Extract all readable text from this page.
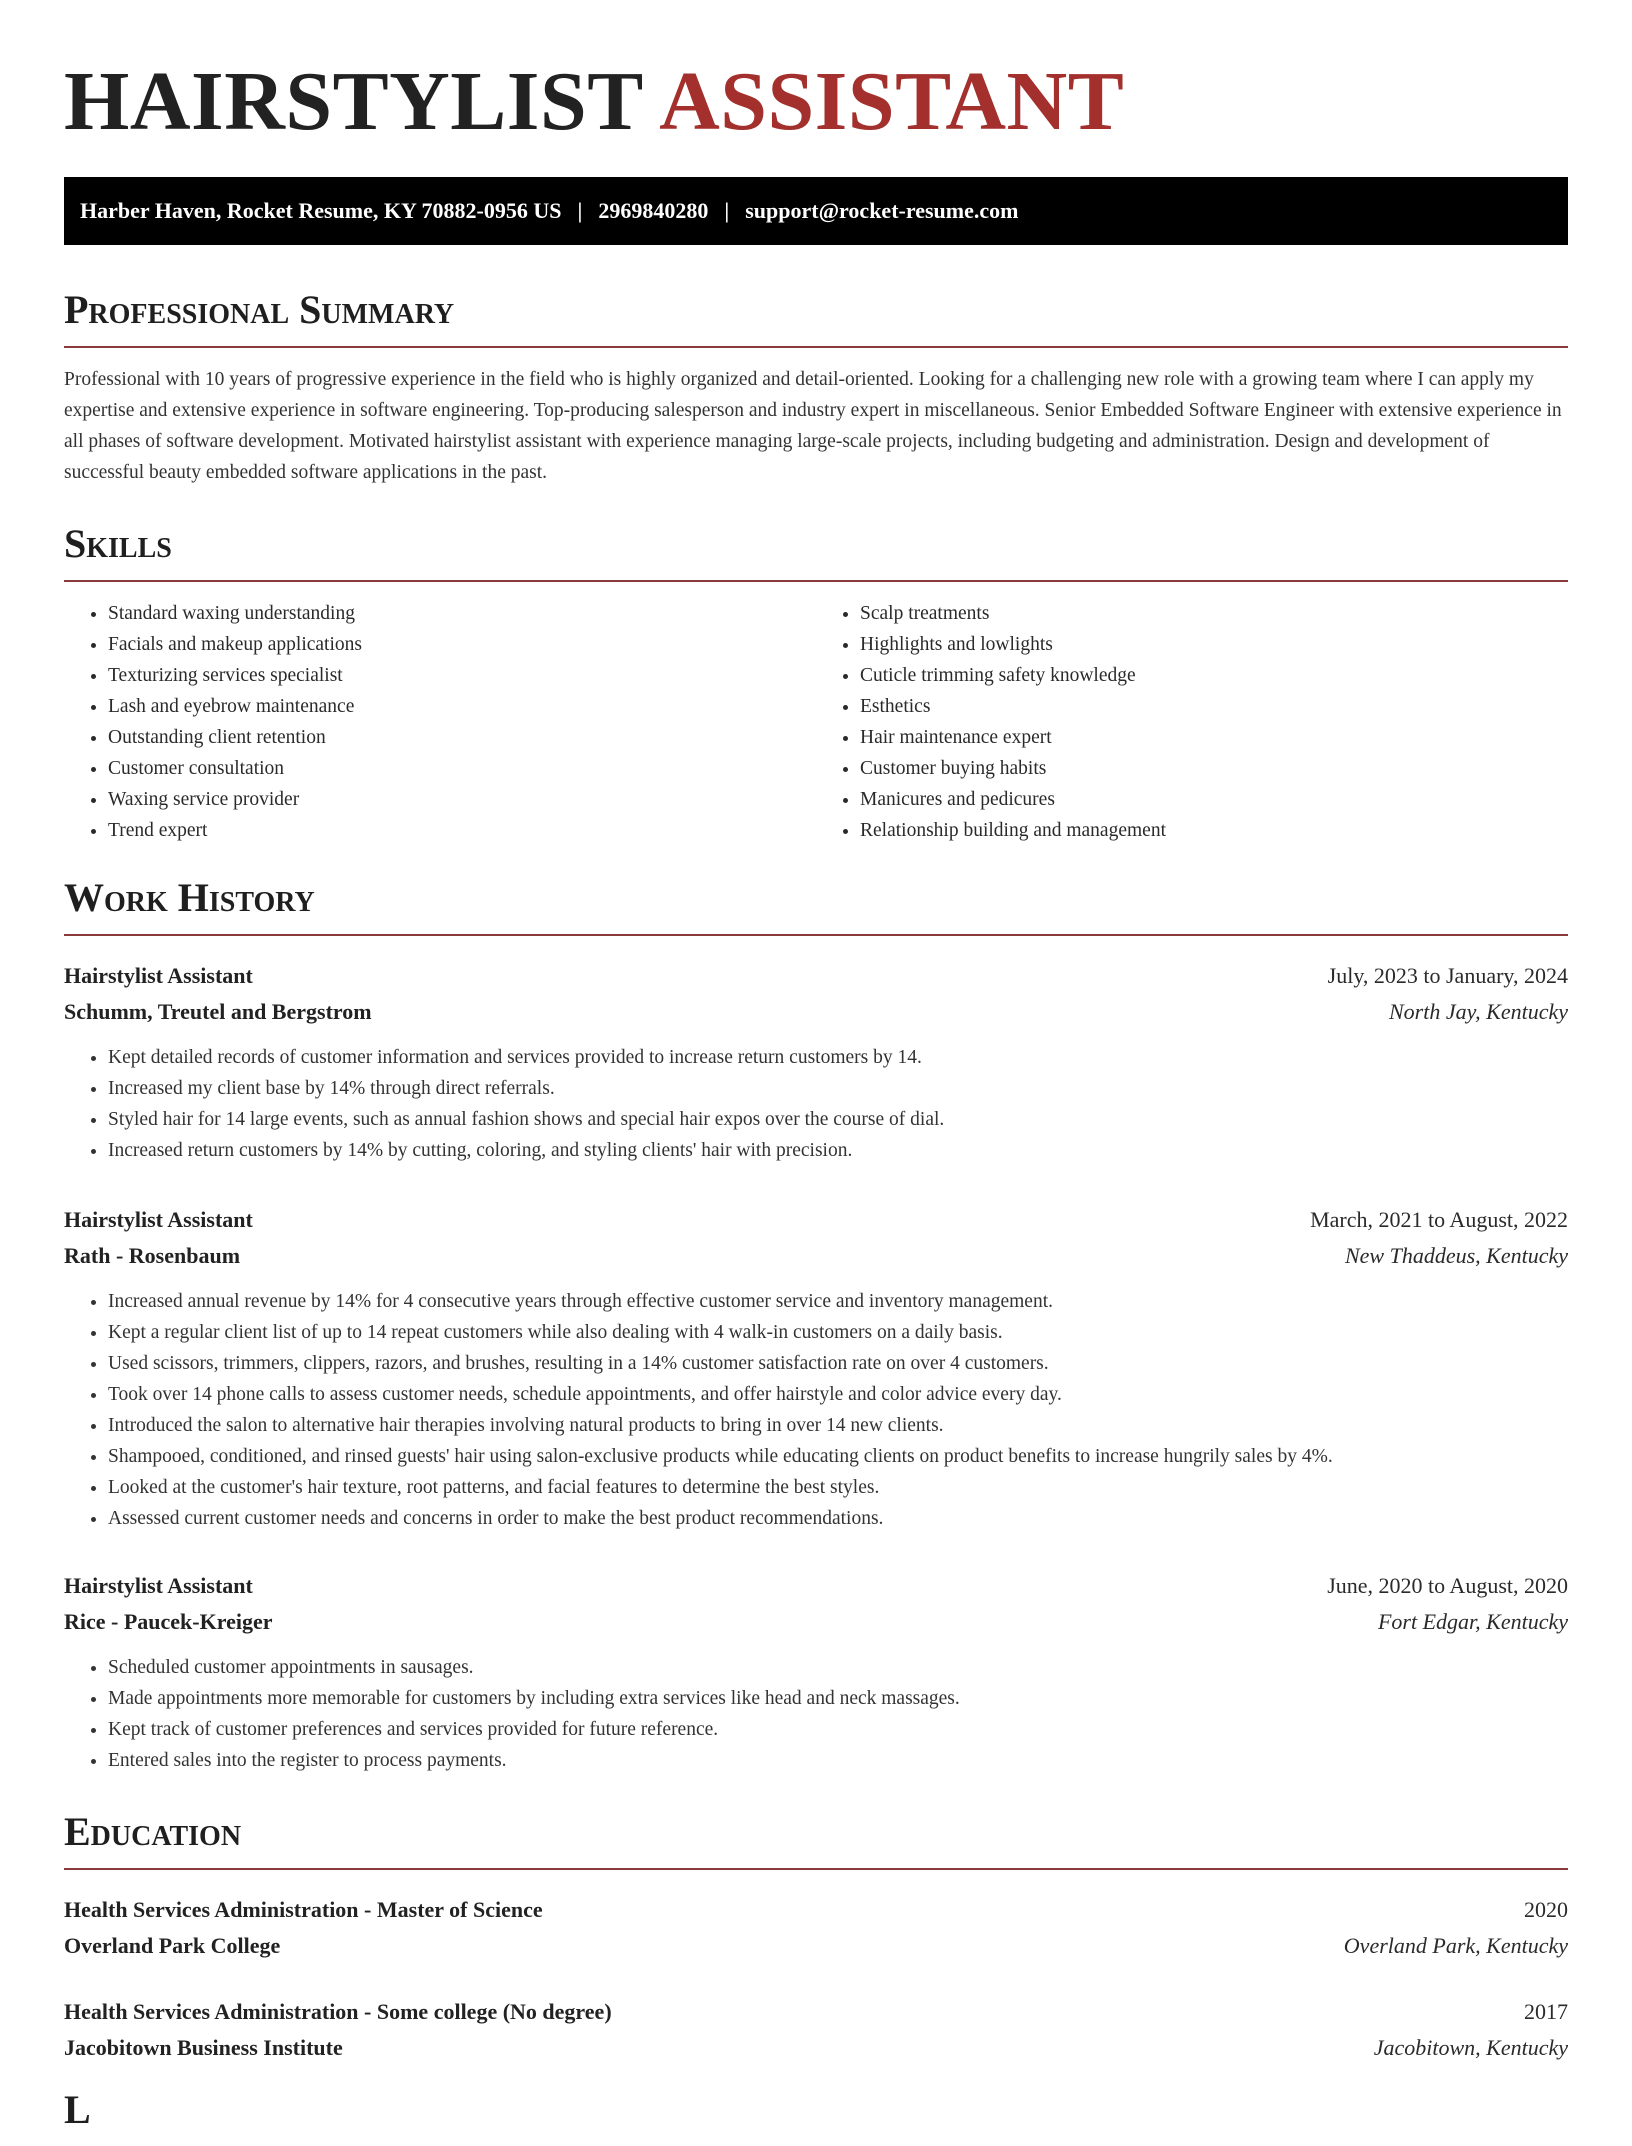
HAIRSTYLIST ASSISTANT
Harber Haven, Rocket Resume, KY 70882-0956 US | 2969840280 | support@rocket-resume.com
Professional Summary

Professional with 10 years of progressive experience in the field who is highly organized and detail-oriented. Looking for a challenging new role with a growing team where I can apply my expertise and extensive experience in software engineering. Top-producing salesperson and industry expert in miscellaneous. Senior Embedded Software Engineer with extensive experience in all phases of software development. Motivated hairstylist assistant with experience managing large-scale projects, including budgeting and administration. Design and development of successful beauty embedded software applications in the past.

Skills
• Standard waxing understanding
• Facials and makeup applications
• Texturizing services specialist
• Lash and eyebrow maintenance
• Outstanding client retention
• Customer consultation
• Waxing service provider
• Trend expert
• Scalp treatments
• Highlights and lowlights
• Cuticle trimming safety knowledge
• Esthetics
• Hair maintenance expert
• Customer buying habits
• Manicures and pedicures
• Relationship building and management
Work History
Hairstylist Assistant	July, 2023 to January, 2024
Schumm, Treutel and Bergstrom	North Jay, Kentucky
• Kept detailed records of customer information and services provided to increase return customers by 14.
• Increased my client base by 14% through direct referrals.
• Styled hair for 14 large events, such as annual fashion shows and special hair expos over the course of dial.
• Increased return customers by 14% by cutting, coloring, and styling clients' hair with precision.
Hairstylist Assistant	March, 2021 to August, 2022
Rath - Rosenbaum	New Thaddeus, Kentucky
• Increased annual revenue by 14% for 4 consecutive years through effective customer service and inventory management.
• Kept a regular client list of up to 14 repeat customers while also dealing with 4 walk-in customers on a daily basis.
• Used scissors, trimmers, clippers, razors, and brushes, resulting in a 14% customer satisfaction rate on over 4 customers.
• Took over 14 phone calls to assess customer needs, schedule appointments, and offer hairstyle and color advice every day.
• Introduced the salon to alternative hair therapies involving natural products to bring in over 14 new clients.
• Shampooed, conditioned, and rinsed guests' hair using salon-exclusive products while educating clients on product benefits to increase hungrily sales by 4%.
• Looked at the customer's hair texture, root patterns, and facial features to determine the best styles.
• Assessed current customer needs and concerns in order to make the best product recommendations.
Hairstylist Assistant	June, 2020 to August, 2020
Rice - Paucek-Kreiger	Fort Edgar, Kentucky
• Scheduled customer appointments in sausages.
• Made appointments more memorable for customers by including extra services like head and neck massages.
• Kept track of customer preferences and services provided for future reference.
• Entered sales into the register to process payments.
Education
Health Services Administration - Master of Science	2020
Overland Park College	Overland Park, Kentucky
Health Services Administration - Some college (No degree)	2017
Jacobitown Business Institute	Jacobitown, Kentucky
L
